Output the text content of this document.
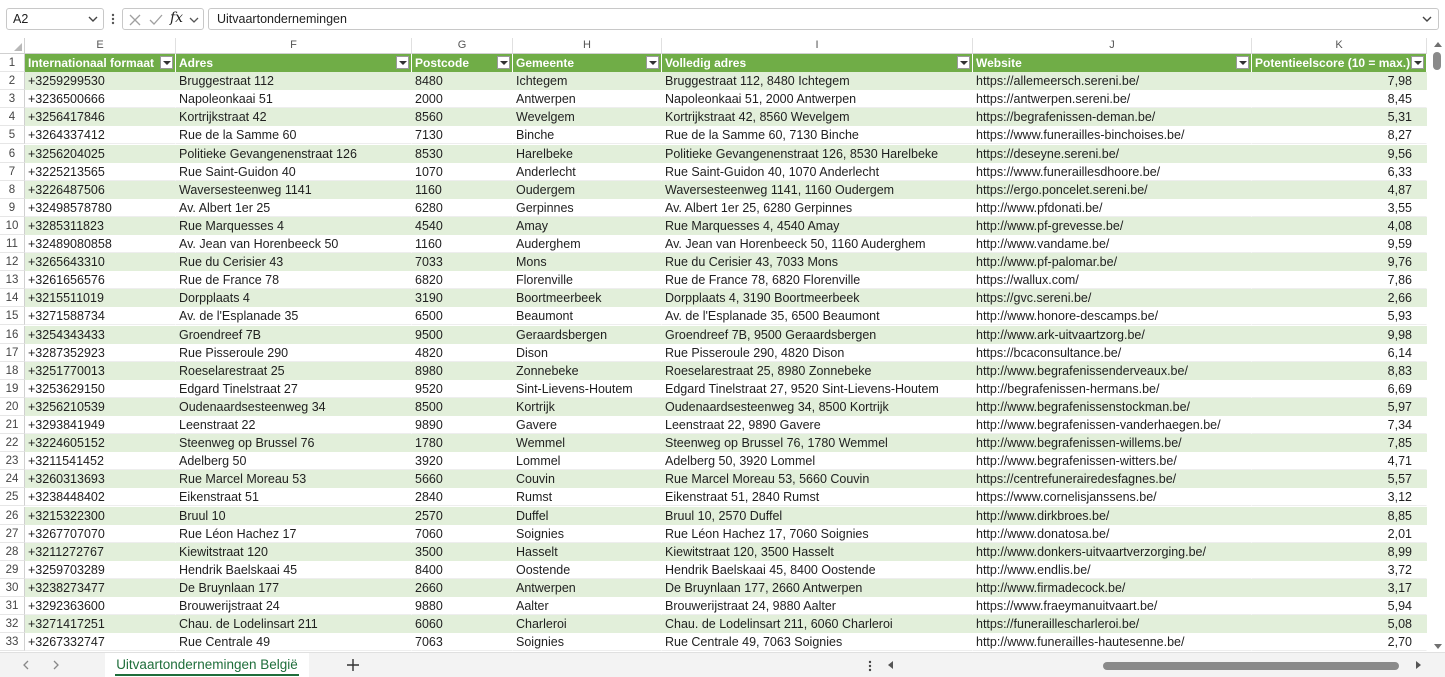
A2	fx	Uitvaartondernemingen
E	F	G	H	I	J	K
1	Internationaal formaat	Adres	Postcode	Gemeente	Volledig adres	Website	Potentieelscore (10 = max.)
2	+3259299530	Bruggestraat 112	8480	Ichtegem	Bruggestraat 112, 8480 Ichtegem	https://allemeersch.sereni.be/	7,98
3	+3236500666	Napoleonkaai 51	2000	Antwerpen	Napoleonkaai 51, 2000 Antwerpen	https://antwerpen.sereni.be/	8,45
4	+3256417846	Kortrijkstraat 42	8560	Wevelgem	Kortrijkstraat 42, 8560 Wevelgem	https://begrafenissen-deman.be/	5,31
5	+3264337412	Rue de la Samme 60	7130	Binche	Rue de la Samme 60, 7130 Binche	https://www.funerailles-binchoises.be/	8,27
6	+3256204025	Politieke Gevangenenstraat 126	8530	Harelbeke	Politieke Gevangenenstraat 126, 8530 Harelbeke	https://deseyne.sereni.be/	9,56
7	+3225213565	Rue Saint-Guidon 40	1070	Anderlecht	Rue Saint-Guidon 40, 1070 Anderlecht	https://www.funeraillesdhoore.be/	6,33
8	+3226487506	Waversesteenweg 1141	1160	Oudergem	Waversesteenweg 1141, 1160 Oudergem	https://ergo.poncelet.sereni.be/	4,87
9	+32498578780	Av. Albert 1er 25	6280	Gerpinnes	Av. Albert 1er 25, 6280 Gerpinnes	http://www.pfdonati.be/	3,55
10 +3285311823	Rue Marquesses 4	4540	Amay	Rue Marquesses 4, 4540 Amay	http://www.pf-grevesse.be/	4,08
11 +32489080858	Av. Jean van Horenbeeck 50	1160	Auderghem	Av. Jean van Horenbeeck 50, 1160 Auderghem	http://www.vandame.be/	9,59
12 +3265643310	Rue du Cerisier 43	7033	Mons	Rue du Cerisier 43, 7033 Mons	http://www.pf-palomar.be/	9,76
13 +3261656576	Rue de France 78	6820	Florenville	Rue de France 78, 6820 Florenville	https://wallux.com/	7,86
14 +3215511019	Dorpplaats 4	3190	Boortmeerbeek	Dorpplaats 4, 3190 Boortmeerbeek	https://gvc.sereni.be/	2,66
15 +3271588734	Av. de l'Esplanade 35	6500	Beaumont	Av. de l'Esplanade 35, 6500 Beaumont	http://www.honore-descamps.be/	5,93
16 +3254343433	Groendreef 7B	9500	Geraardsbergen	Groendreef 7B, 9500 Geraardsbergen	http://www.ark-uitvaartzorg.be/	9,98
17 +3287352923	Rue Pisseroule 290	4820	Dison	Rue Pisseroule 290, 4820 Dison	https://bcaconsultance.be/	6,14
18 +3251770013	Roeselarestraat 25	8980	Zonnebeke	Roeselarestraat 25, 8980 Zonnebeke	http://www.begrafenissenderveaux.be/	8,83
19 +3253629150	Edgard Tinelstraat 27	9520	Sint-Lievens-Houtem	Edgard Tinelstraat 27, 9520 Sint-Lievens-Houtem	http://begrafenissen-hermans.be/	6,69
20 +3256210539	Oudenaardsesteenweg 34	8500	Kortrijk	Oudenaardsesteenweg 34, 8500 Kortrijk	http://www.begrafenissenstockman.be/	5,97
21 +3293841949	Leenstraat 22	9890	Gavere	Leenstraat 22, 9890 Gavere	http://www.begrafenissen-vanderhaegen.be/	7,34
22 +3224605152	Steenweg op Brussel 76	1780	Wemmel	Steenweg op Brussel 76, 1780 Wemmel	http://www.begrafenissen-willems.be/	7,85
23 +3211541452	Adelberg 50	3920	Lommel	Adelberg 50, 3920 Lommel	http://www.begrafenissen-witters.be/	4,71
24 +3260313693	Rue Marcel Moreau 53	5660	Couvin	Rue Marcel Moreau 53, 5660 Couvin	https://centrefunerairedesfagnes.be/	5,57
25 +3238448402	Eikenstraat 51	2840	Rumst	Eikenstraat 51, 2840 Rumst	https://www.cornelisjanssens.be/	3,12
26 +3215322300	Bruul 10	2570	Duffel	Bruul 10, 2570 Duffel	http://www.dirkbroes.be/	8,85
27 +3267707070	Rue Léon Hachez 17	7060	Soignies	Rue Léon Hachez 17, 7060 Soignies	http://www.donatosa.be/	2,01
28 +3211272767	Kiewitstraat 120	3500	Hasselt	Kiewitstraat 120, 3500 Hasselt	http://www.donkers-uitvaartverzorging.be/	8,99
29 +3259703289	Hendrik Baelskaai 45	8400	Oostende	Hendrik Baelskaai 45, 8400 Oostende	http://www.endlis.be/	3,72
30 +3238273477	De Bruynlaan 177	2660	Antwerpen	De Bruynlaan 177, 2660 Antwerpen	http://www.firmadecock.be/	3,17
31 +3292363600	Brouwerijstraat 24	9880	Aalter	Brouwerijstraat 24, 9880 Aalter	https://www.fraeymanuitvaart.be/	5,94
32 +3271417251	Chau. de Lodelinsart 211	6060	Charleroi	Chau. de Lodelinsart 211, 6060 Charleroi	https://funeraillescharleroi.be/	5,08
33 +3267332747	Rue Centrale 49	7063	Soignies	Rue Centrale 49, 7063 Soignies	http://www.funerailles-hautesenne.be/	2,70
Uitvaartondernemingen België
